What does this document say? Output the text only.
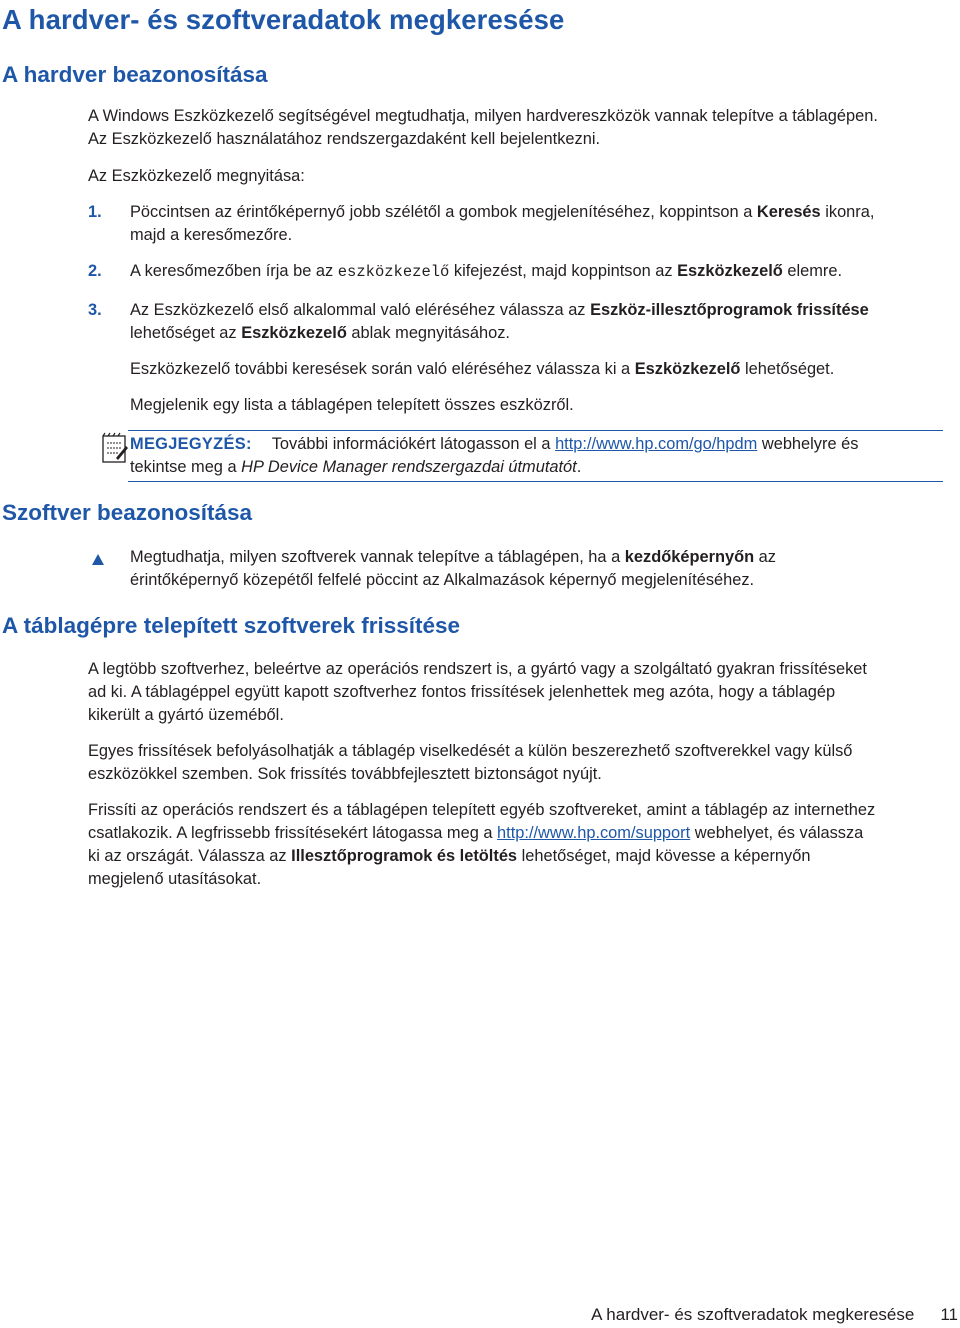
A hardver- és szoftveradatok megkeresése
A hardver beazonosítása

A Windows Eszközkezelő segítségével megtudhatja, milyen hardvereszközök vannak telepítve a táblagépen.

Az Eszközkezelő használatához rendszergazdaként kell bejelentkezni.

Az Eszközkezelő megnyitása:

1. Pöccintsen az érintőképernyő jobb szélétől a gombok megjelenítéséhez, koppintson a Keresés ikonra,

majd a keresőmezőre.

2. A keresőmezőben írja be az eszközkezelő kifejezést, majd koppintson az Eszközkezelő elemre.

3. Az Eszközkezelő első alkalommal való eléréséhez válassza az Eszköz-illesztőprogramok frissítése

lehetőséget az Eszközkezelő ablak megnyitásához.

Eszközkezelő további keresések során való eléréséhez válassza ki a Eszközkezelő lehetőséget.

Megjelenik egy lista a táblagépen telepített összes eszközről.

MEGJEGYZÉS: További információkért látogasson el a http://www.hp.com/go/hpdm webhelyre és

tekintse meg a HP Device Manager rendszergazdai útmutatót.

Szoftver beazonosítása

Megtudhatja, milyen szoftverek vannak telepítve a táblagépen, ha a kezdőképernyőn az

érintőképernyő közepétől felfelé pöccint az Alkalmazások képernyő megjelenítéséhez.

A táblagépre telepített szoftverek frissítése

A legtöbb szoftverhez, beleértve az operációs rendszert is, a gyártó vagy a szolgáltató gyakran frissítéseket

ad ki. A táblagéppel együtt kapott szoftverhez fontos frissítések jelenhettek meg azóta, hogy a táblagép

kikerült a gyártó üzeméből.

Egyes frissítések befolyásolhatják a táblagép viselkedését a külön beszerezhető szoftverekkel vagy külső

eszközökkel szemben. Sok frissítés továbbfejlesztett biztonságot nyújt.

Frissíti az operációs rendszert és a táblagépen telepített egyéb szoftvereket, amint a táblagép az internethez

csatlakozik. A legfrissebb frissítésekért látogassa meg a http://www.hp.com/support webhelyet, és válassza

ki az országát. Válassza az Illesztőprogramok és letöltés lehetőséget, majd kövesse a képernyőn

megjelenő utasításokat.

A hardver- és szoftveradatok megkeresése 11
